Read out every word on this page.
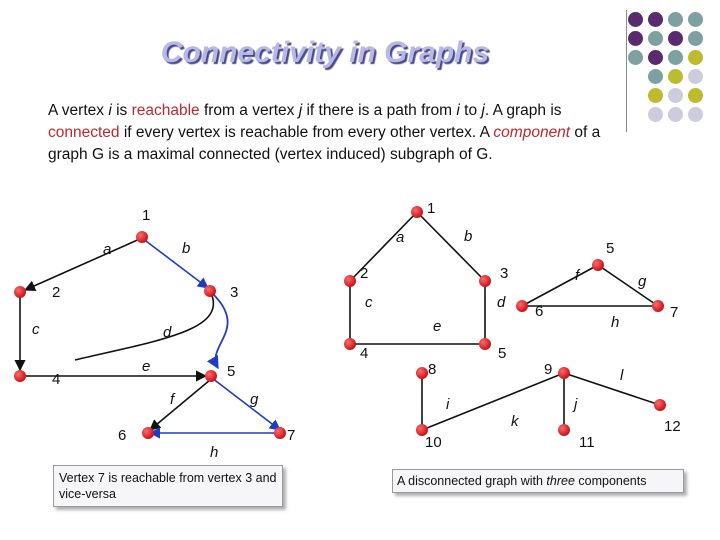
Connectivity in Graphs
A vertex i is reachable from a vertex j if there is a path from i to j. A graph is connected if every vertex is reachable from every other vertex. A component of a graph G is a maximal connected (vertex induced) subgraph of G.
1
2	3
4	5
6	7
a	b
c	d
e
f	g
h
1
2	3
4	5
5
6	7
8	9
10	11
12
a	b
c	d
e
f	g
h
i	j
k
l
Vertex 7 is reachable from vertex 3 and vice-versa
A disconnected graph with three components
